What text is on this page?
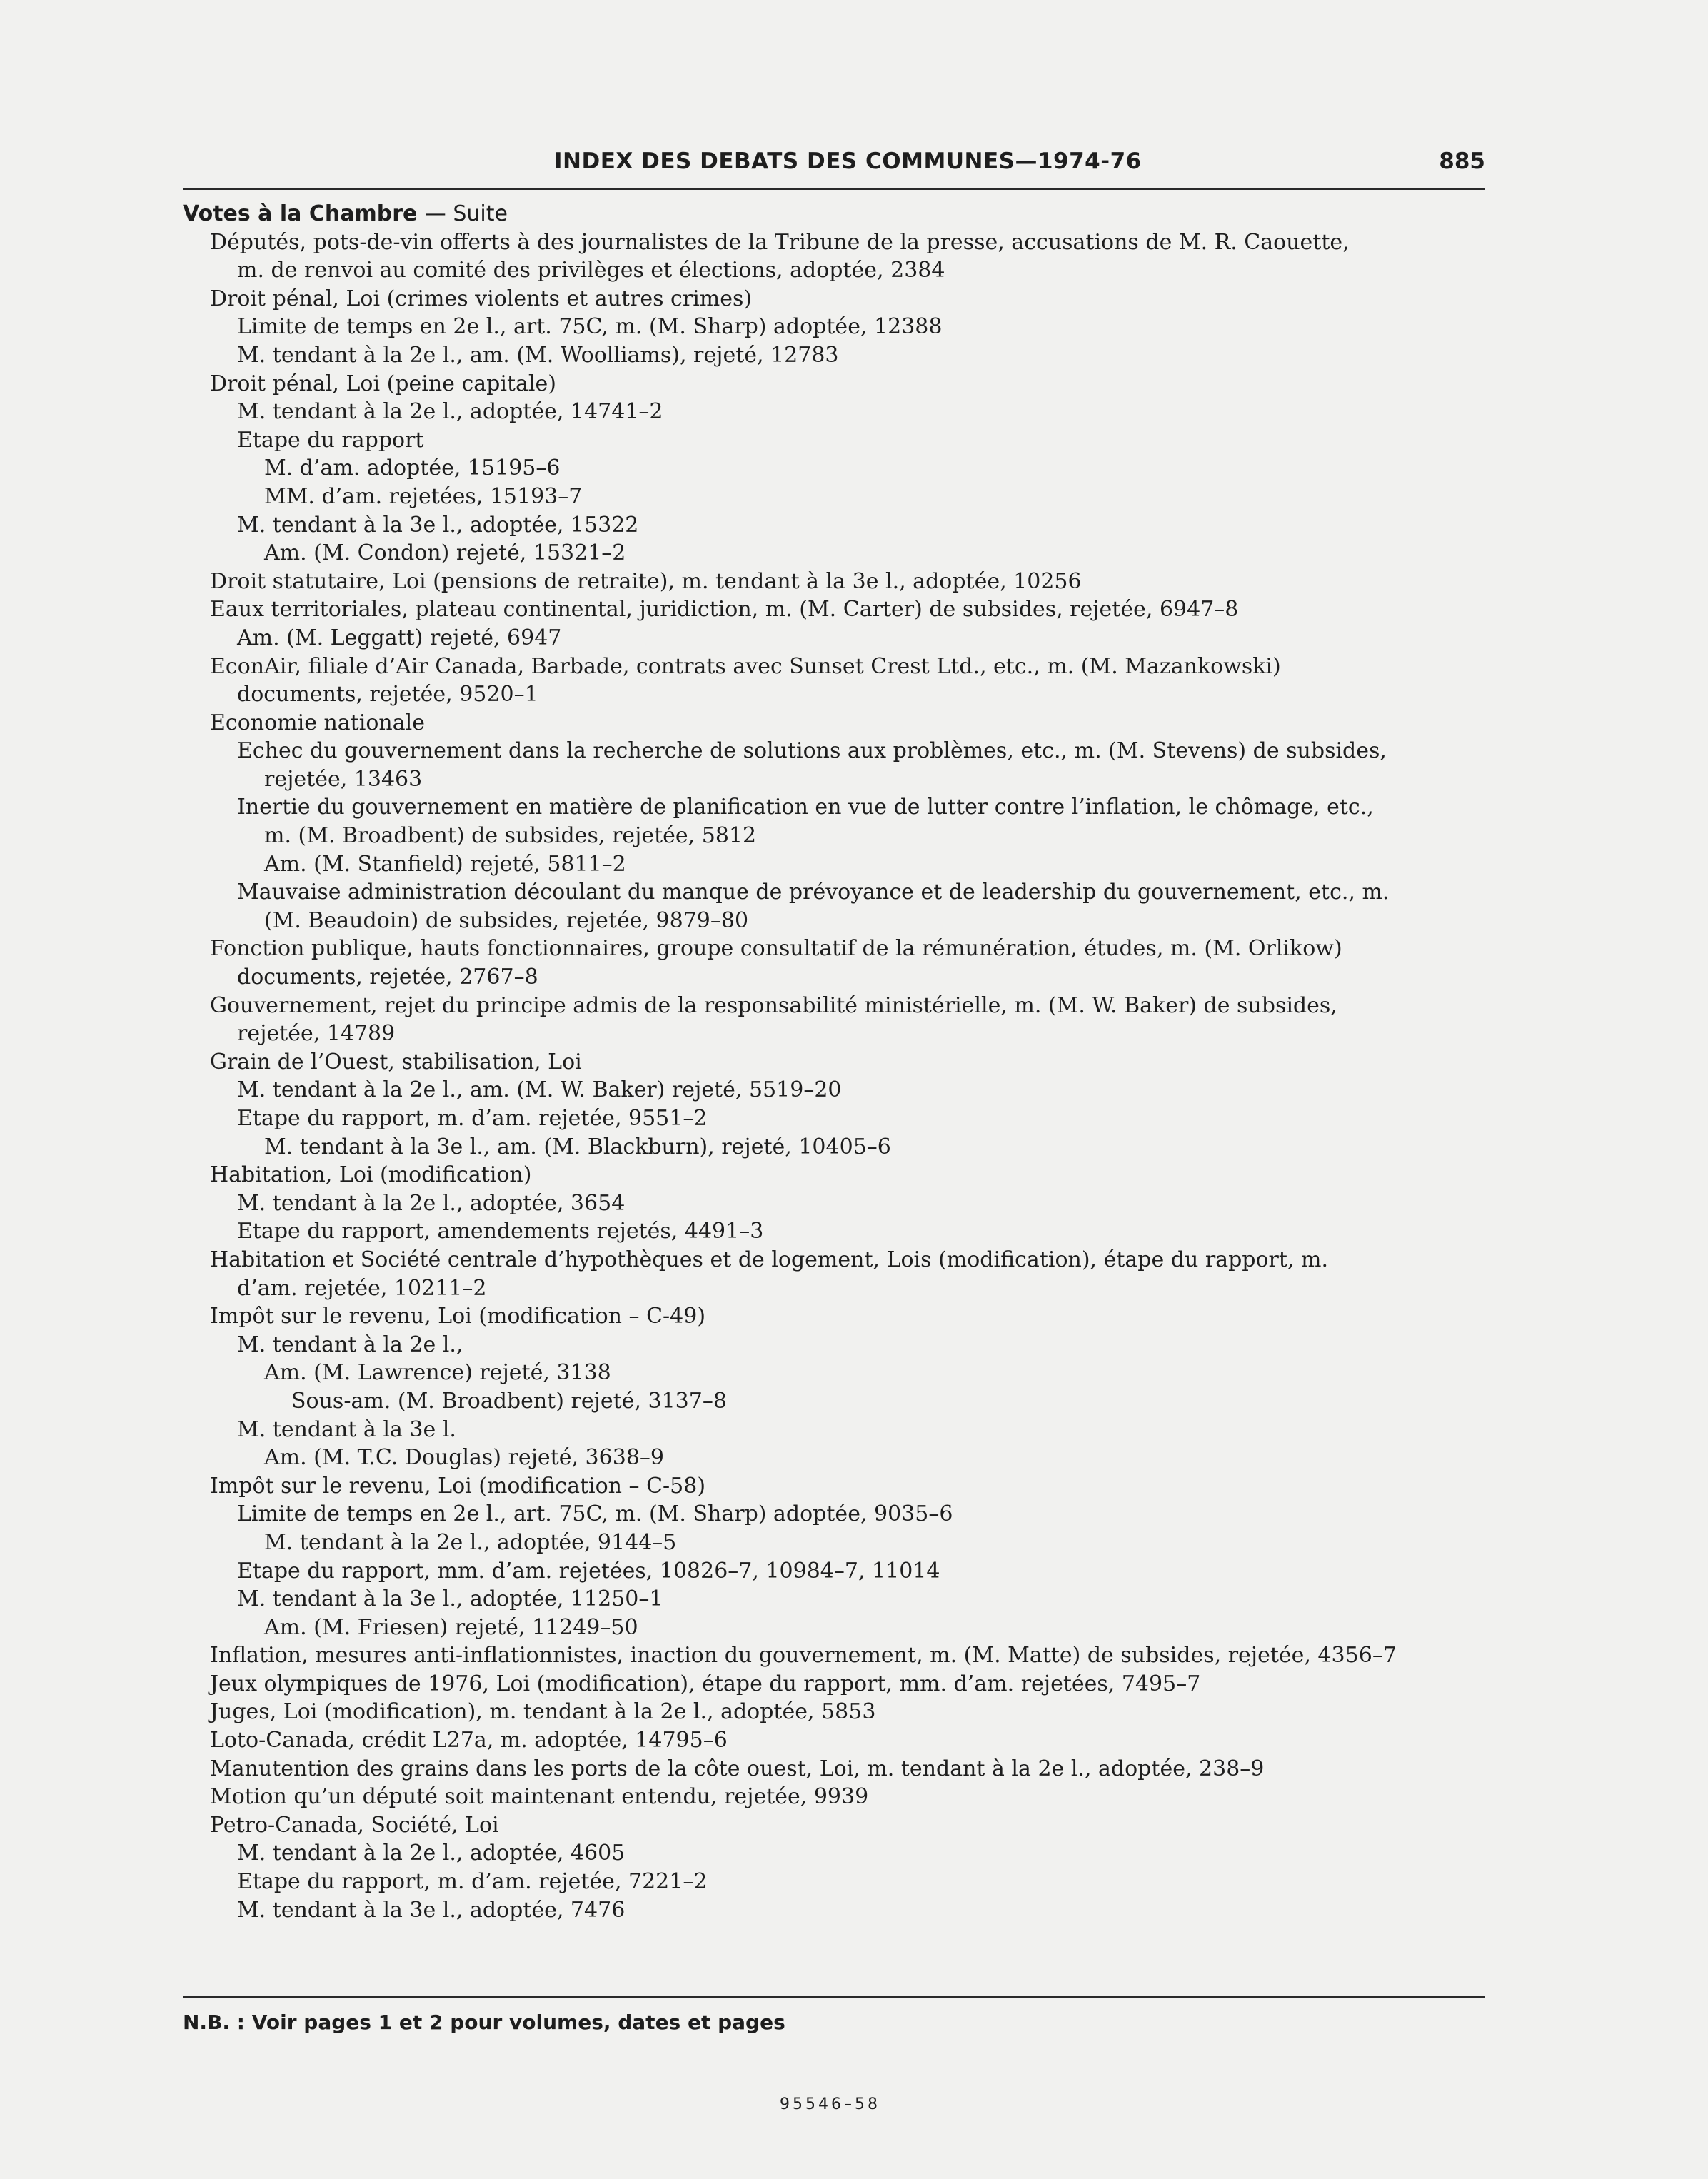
INDEX DES DEBATS DES COMMUNES—1974-76	885
Votes à la Chambre — Suite
Députés, pots-de-vin offerts à des journalistes de la Tribune de la presse, accusations de M. R. Caouette,
m. de renvoi au comité des privilèges et élections, adoptée, 2384
Droit pénal, Loi (crimes violents et autres crimes)
Limite de temps en 2e l., art. 75C, m. (M. Sharp) adoptée, 12388
M. tendant à la 2e l., am. (M. Woolliams), rejeté, 12783
Droit pénal, Loi (peine capitale)
M. tendant à la 2e l., adoptée, 14741–2
Etape du rapport
M. d’am. adoptée, 15195–6
MM. d’am. rejetées, 15193–7
M. tendant à la 3e l., adoptée, 15322
Am. (M. Condon) rejeté, 15321–2
Droit statutaire, Loi (pensions de retraite), m. tendant à la 3e l., adoptée, 10256
Eaux territoriales, plateau continental, juridiction, m. (M. Carter) de subsides, rejetée, 6947–8
Am. (M. Leggatt) rejeté, 6947
EconAir, filiale d’Air Canada, Barbade, contrats avec Sunset Crest Ltd., etc., m. (M. Mazankowski)
documents, rejetée, 9520–1
Economie nationale
Echec du gouvernement dans la recherche de solutions aux problèmes, etc., m. (M. Stevens) de subsides,
rejetée, 13463
Inertie du gouvernement en matière de planification en vue de lutter contre l’inflation, le chômage, etc.,
m. (M. Broadbent) de subsides, rejetée, 5812
Am. (M. Stanfield) rejeté, 5811–2
Mauvaise administration découlant du manque de prévoyance et de leadership du gouvernement, etc., m.
(M. Beaudoin) de subsides, rejetée, 9879–80
Fonction publique, hauts fonctionnaires, groupe consultatif de la rémunération, études, m. (M. Orlikow)
documents, rejetée, 2767–8
Gouvernement, rejet du principe admis de la responsabilité ministérielle, m. (M. W. Baker) de subsides,
rejetée, 14789
Grain de l’Ouest, stabilisation, Loi
M. tendant à la 2e l., am. (M. W. Baker) rejeté, 5519–20
Etape du rapport, m. d’am. rejetée, 9551–2
M. tendant à la 3e l., am. (M. Blackburn), rejeté, 10405–6
Habitation, Loi (modification)
M. tendant à la 2e l., adoptée, 3654
Etape du rapport, amendements rejetés, 4491–3
Habitation et Société centrale d’hypothèques et de logement, Lois (modification), étape du rapport, m.
d’am. rejetée, 10211–2
Impôt sur le revenu, Loi (modification – C-49)
M. tendant à la 2e l.,
Am. (M. Lawrence) rejeté, 3138
Sous-am. (M. Broadbent) rejeté, 3137–8
M. tendant à la 3e l.
Am. (M. T.C. Douglas) rejeté, 3638–9
Impôt sur le revenu, Loi (modification – C-58)
Limite de temps en 2e l., art. 75C, m. (M. Sharp) adoptée, 9035–6
M. tendant à la 2e l., adoptée, 9144–5
Etape du rapport, mm. d’am. rejetées, 10826–7, 10984–7, 11014
M. tendant à la 3e l., adoptée, 11250–1
Am. (M. Friesen) rejeté, 11249–50
Inflation, mesures anti-inflationnistes, inaction du gouvernement, m. (M. Matte) de subsides, rejetée, 4356–7
Jeux olympiques de 1976, Loi (modification), étape du rapport, mm. d’am. rejetées, 7495–7
Juges, Loi (modification), m. tendant à la 2e l., adoptée, 5853
Loto-Canada, crédit L27a, m. adoptée, 14795–6
Manutention des grains dans les ports de la côte ouest, Loi, m. tendant à la 2e l., adoptée, 238–9
Motion qu’un député soit maintenant entendu, rejetée, 9939
Petro-Canada, Société, Loi
M. tendant à la 2e l., adoptée, 4605
Etape du rapport, m. d’am. rejetée, 7221–2
M. tendant à la 3e l., adoptée, 7476
N.B. : Voir pages 1 et 2 pour volumes, dates et pages
95546–58
